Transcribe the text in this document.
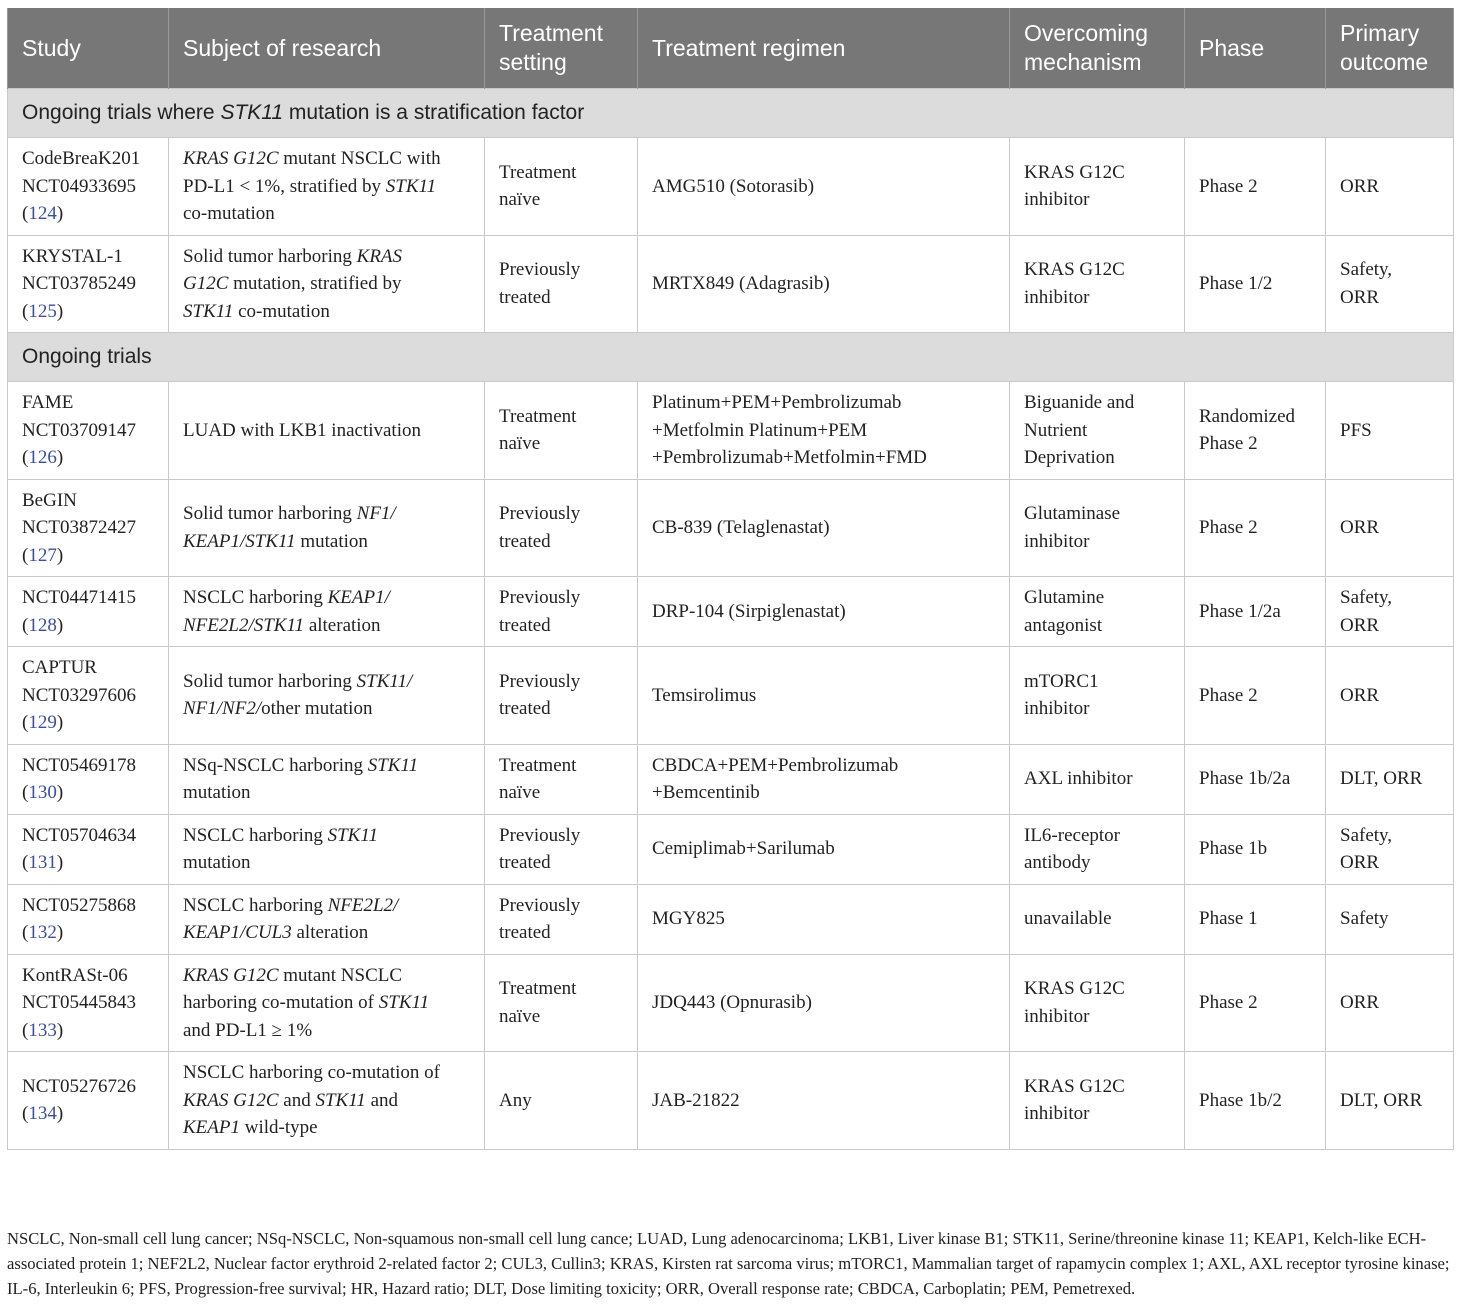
Study	Subject of research	Treatment setting	Treatment regimen	Overcoming mechanism	Phase	Primary outcome
Ongoing trials where STK11 mutation is a stratification factor						

CodeBreaK201
NCT04933695
(124)	KRAS G12C mutant NSCLC with
PD-L1 < 1%, stratified by STK11
co-mutation	Treatment
naïve	AMG510 (Sotorasib)	KRAS G12C
inhibitor	Phase 2	ORR

KRYSTAL-1
NCT03785249
(125)	Solid tumor harboring KRAS
G12C mutation, stratified by
STK11 co-mutation	Previously
treated	MRTX849 (Adagrasib)	KRAS G12C
inhibitor	Phase 1/2	Safety,
ORR

Ongoing trials						

FAME
NCT03709147
(126)	LUAD with LKB1 inactivation	Treatment
naïve	Platinum+PEM+Pembrolizumab
+Metfolmin Platinum+PEM
+Pembrolizumab+Metfolmin+FMD	Biguanide and
Nutrient
Deprivation	Randomized
Phase 2	PFS

BeGIN
NCT03872427
(127)	Solid tumor harboring NF1/
KEAP1/STK11 mutation	Previously
treated	CB-839 (Telaglenastat)	Glutaminase
inhibitor	Phase 2	ORR

NCT04471415
(128)	NSCLC harboring KEAP1/
NFE2L2/STK11 alteration	Previously
treated	DRP-104 (Sirpiglenastat)	Glutamine
antagonist	Phase 1/2a	Safety,
ORR

CAPTUR
NCT03297606
(129)	Solid tumor harboring STK11/
NF1/NF2/other mutation	Previously
treated	Temsirolimus	mTORC1
inhibitor	Phase 2	ORR

NCT05469178
(130)	NSq-NSCLC harboring STK11
mutation	Treatment
naïve	CBDCA+PEM+Pembrolizumab
+Bemcentinib	AXL inhibitor	Phase 1b/2a	DLT, ORR

NCT05704634
(131)	NSCLC harboring STK11
mutation	Previously
treated	Cemiplimab+Sarilumab	IL6-receptor
antibody	Phase 1b	Safety,
ORR

NCT05275868
(132)	NSCLC harboring NFE2L2/
KEAP1/CUL3 alteration	Previously
treated	MGY825	unavailable	Phase 1	Safety

KontRASt-06
NCT05445843
(133)	KRAS G12C mutant NSCLC
harboring co-mutation of STK11
and PD-L1 ≥ 1%	Treatment
naïve	JDQ443 (Opnurasib)	KRAS G12C
inhibitor	Phase 2	ORR

NCT05276726
(134)	NSCLC harboring co-mutation of
KRAS G12C and STK11 and
KEAP1 wild-type	Any	JAB-21822	KRAS G12C
inhibitor	Phase 1b/2	DLT, ORR
NSCLC, Non-small cell lung cancer; NSq-NSCLC, Non-squamous non-small cell lung cance; LUAD, Lung adenocarcinoma; LKB1, Liver kinase B1; STK11, Serine/threonine kinase 11; KEAP1, Kelch-like ECH-associated protein 1; NEF2L2, Nuclear factor erythroid 2-related factor 2; CUL3, Cullin3; KRAS, Kirsten rat sarcoma virus; mTORC1, Mammalian target of rapamycin complex 1; AXL, AXL receptor tyrosine kinase; IL-6, Interleukin 6; PFS, Progression-free survival; HR, Hazard ratio; DLT, Dose limiting toxicity; ORR, Overall response rate; CBDCA, Carboplatin; PEM, Pemetrexed.
